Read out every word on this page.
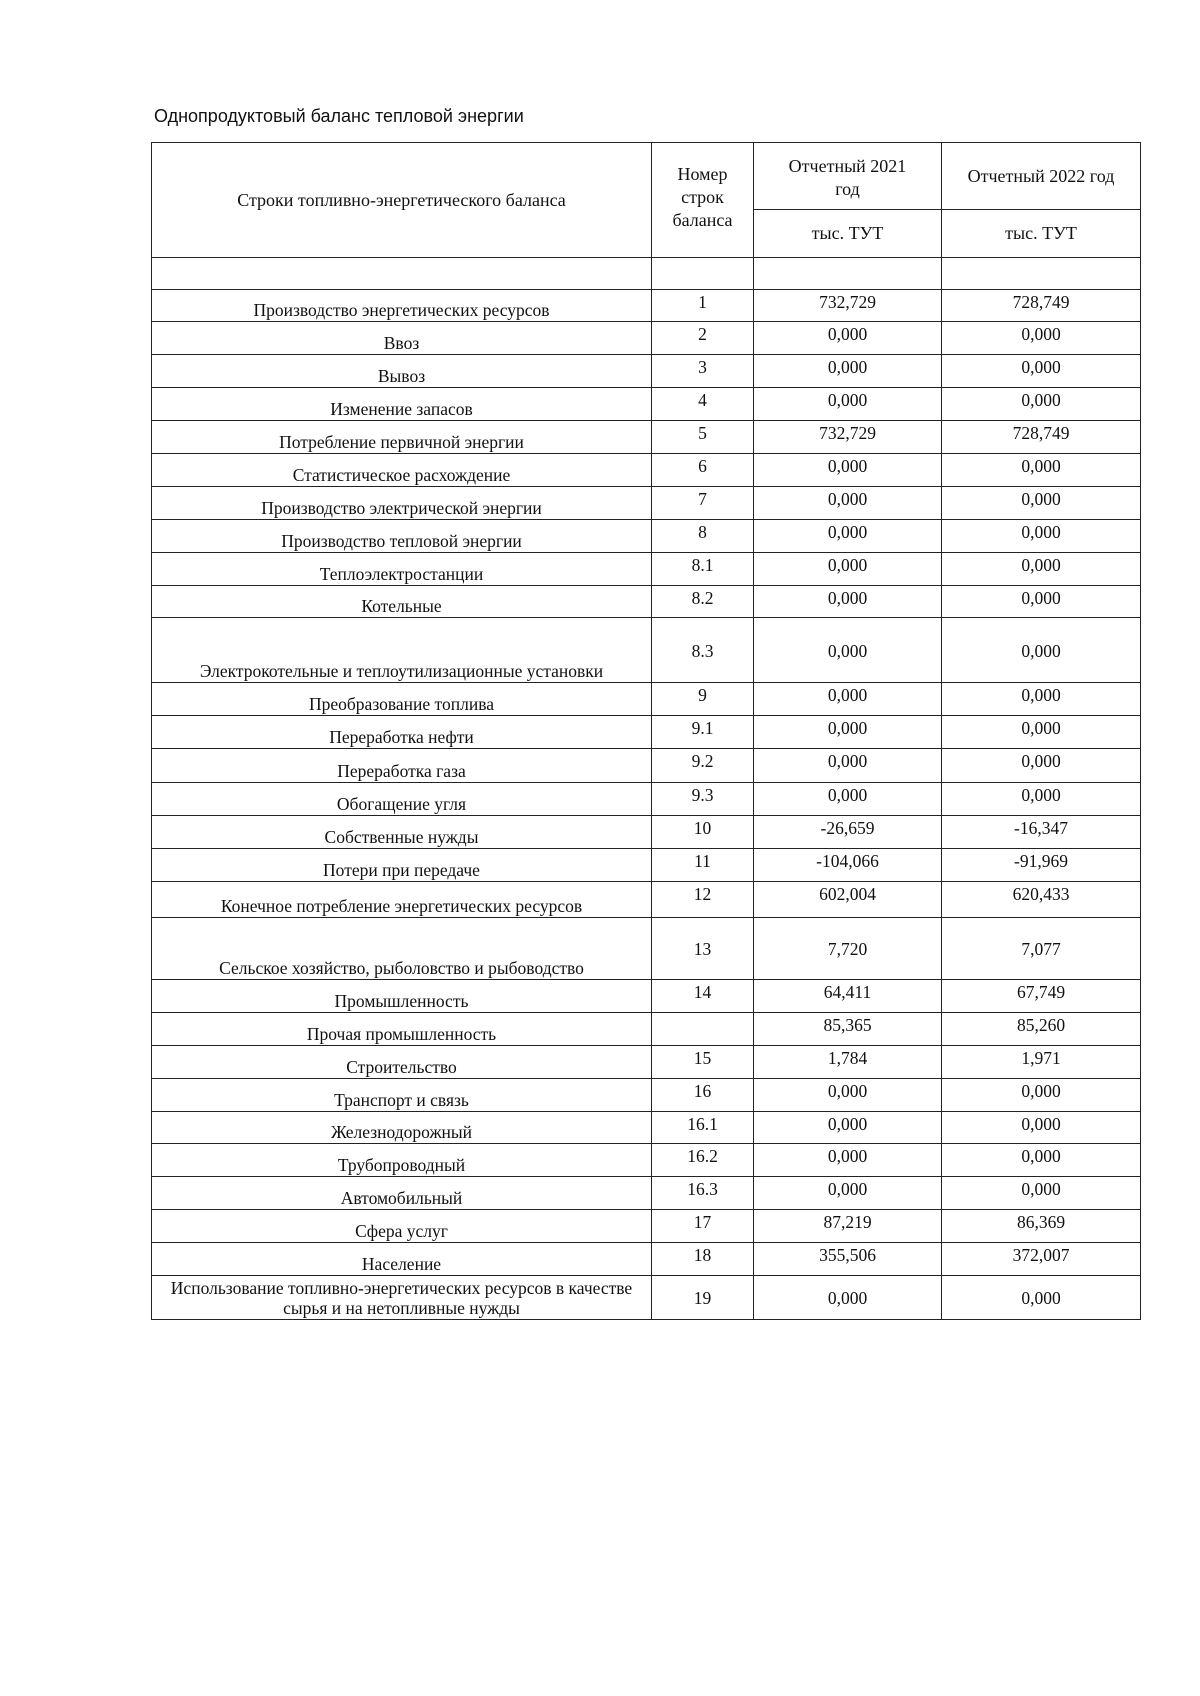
Однопродуктовый баланс тепловой энергии
Строки топливно-энергетического баланса	Номер строк баланса	Отчетный 2021 год	Отчетный 2022 год
		тыс. ТУТ	тыс. ТУТ

Производство энергетических ресурсов	1	732,729	728,749
Ввоз	2	0,000	0,000
Вывоз	3	0,000	0,000
Изменение запасов	4	0,000	0,000
Потребление первичной энергии	5	732,729	728,749
Статистическое расхождение	6	0,000	0,000
Производство электрической энергии	7	0,000	0,000
Производство тепловой энергии	8	0,000	0,000
Теплоэлектростанции	8.1	0,000	0,000
Котельные	8.2	0,000	0,000
Электрокотельные и теплоутилизационные установки	8.3	0,000	0,000
Преобразование топлива	9	0,000	0,000
Переработка нефти	9.1	0,000	0,000
Переработка газа	9.2	0,000	0,000
Обогащение угля	9.3	0,000	0,000
Собственные нужды	10	-26,659	-16,347
Потери при передаче	11	-104,066	-91,969
Конечное потребление энергетических ресурсов	12	602,004	620,433
Сельское хозяйство, рыболовство и рыбоводство	13	7,720	7,077
Промышленность	14	64,411	67,749
Прочая промышленность		85,365	85,260
Строительство	15	1,784	1,971
Транспорт и связь	16	0,000	0,000
Железнодорожный	16.1	0,000	0,000
Трубопроводный	16.2	0,000	0,000
Автомобильный	16.3	0,000	0,000
Сфера услуг	17	87,219	86,369
Население	18	355,506	372,007
Использование топливно-энергетических ресурсов в качестве сырья и на нетопливные нужды	19	0,000	0,000
